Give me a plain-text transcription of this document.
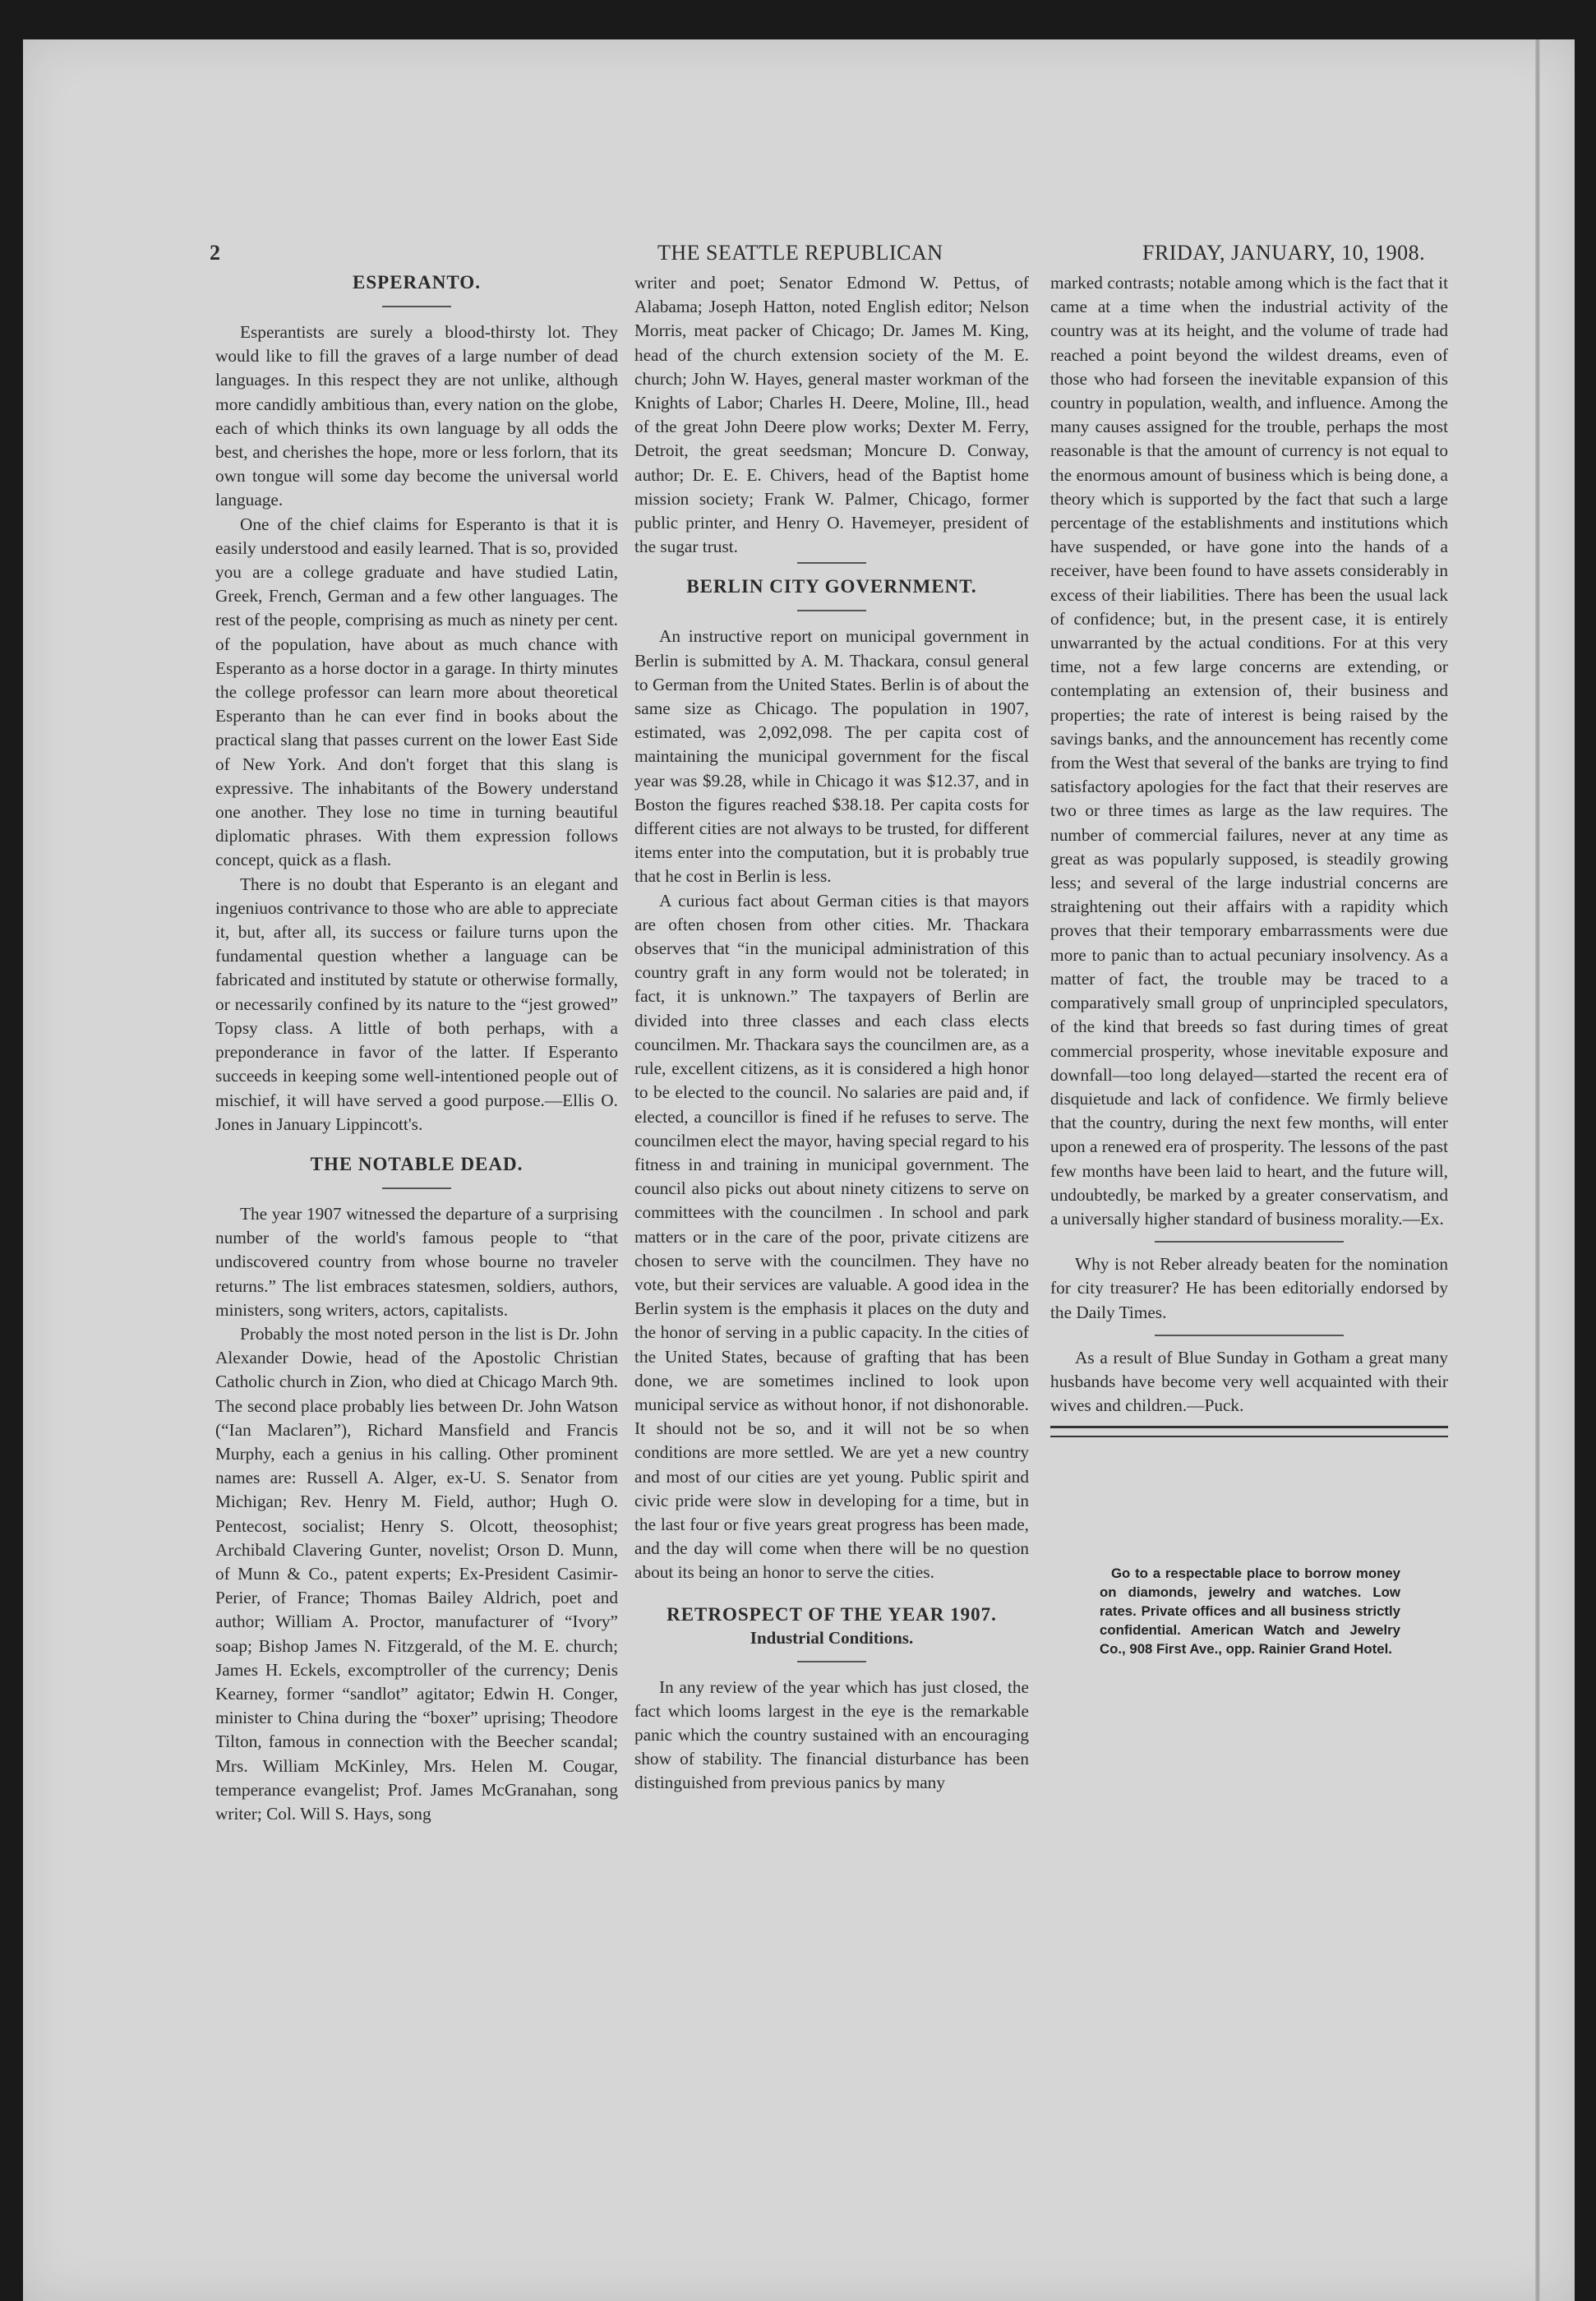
2	THE SEATTLE REPUBLICAN	FRIDAY, JANUARY, 10, 1908.
ESPERANTO.

Esperantists are surely a blood-thirsty lot. They would like to fill the graves of a large number of dead languages. In this respect they are not unlike, although more candidly ambitious than, every nation on the globe, each of which thinks its own language by all odds the best, and cherishes the hope, more or less forlorn, that its own tongue will some day become the universal world language.

One of the chief claims for Esperanto is that it is easily understood and easily learned. That is so, provided you are a college graduate and have studied Latin, Greek, French, German and a few other languages. The rest of the people, comprising as much as ninety per cent. of the population, have about as much chance with Esperanto as a horse doctor in a garage. In thirty minutes the college professor can learn more about theoretical Esperanto than he can ever find in books about the practical slang that passes current on the lower East Side of New York. And don't forget that this slang is expressive. The inhabitants of the Bowery understand one another. They lose no time in turning beautiful diplomatic phrases. With them expression follows concept, quick as a flash.

There is no doubt that Esperanto is an elegant and ingeniuos contrivance to those who are able to appreciate it, but, after all, its success or failure turns upon the fundamental question whether a language can be fabricated and instituted by statute or otherwise formally, or necessarily confined by its nature to the “jest growed” Topsy class. A little of both perhaps, with a preponderance in favor of the latter. If Esperanto succeeds in keeping some well-intentioned people out of mischief, it will have served a good purpose.—Ellis O. Jones in January Lippincott's.

THE NOTABLE DEAD.

The year 1907 witnessed the departure of a surprising number of the world's famous people to “that undiscovered country from whose bourne no traveler returns.” The list embraces statesmen, soldiers, authors, ministers, song writers, actors, capitalists.

Probably the most noted person in the list is Dr. John Alexander Dowie, head of the Apostolic Christian Catholic church in Zion, who died at Chicago March 9th. The second place probably lies between Dr. John Watson (“Ian Maclaren”), Richard Mansfield and Francis Murphy, each a genius in his calling. Other prominent names are: Russell A. Alger, ex-U. S. Senator from Michigan; Rev. Henry M. Field, author; Hugh O. Pentecost, socialist; Henry S. Olcott, theosophist; Archibald Clavering Gunter, novelist; Orson D. Munn, of Munn & Co., patent experts; Ex-President Casimir-Perier, of France; Thomas Bailey Aldrich, poet and author; William A. Proctor, manufacturer of “Ivory” soap; Bishop James N. Fitzgerald, of the M. E. church; James H. Eckels, excomptroller of the currency; Denis Kearney, former “sandlot” agitator; Edwin H. Conger, minister to China during the “boxer” uprising; Theodore Tilton, famous in connection with the Beecher scandal; Mrs. William McKinley, Mrs. Helen M. Cougar, temperance evangelist; Prof. James McGranahan, song writer; Col. Will S. Hays, song

writer and poet; Senator Edmond W. Pettus, of Alabama; Joseph Hatton, noted English editor; Nelson Morris, meat packer of Chicago; Dr. James M. King, head of the church extension society of the M. E. church; John W. Hayes, general master workman of the Knights of Labor; Charles H. Deere, Moline, Ill., head of the great John Deere plow works; Dexter M. Ferry, Detroit, the great seedsman; Moncure D. Conway, author; Dr. E. E. Chivers, head of the Baptist home mission society; Frank W. Palmer, Chicago, former public printer, and Henry O. Havemeyer, president of the sugar trust.

BERLIN CITY GOVERNMENT.

An instructive report on municipal government in Berlin is submitted by A. M. Thackara, consul general to German from the United States. Berlin is of about the same size as Chicago. The population in 1907, estimated, was 2,092,098. The per capita cost of maintaining the municipal government for the fiscal year was $9.28, while in Chicago it was $12.37, and in Boston the figures reached $38.18. Per capita costs for different cities are not always to be trusted, for different items enter into the computation, but it is probably true that he cost in Berlin is less.

A curious fact about German cities is that mayors are often chosen from other cities. Mr. Thackara observes that “in the municipal administration of this country graft in any form would not be tolerated; in fact, it is unknown.” The taxpayers of Berlin are divided into three classes and each class elects councilmen. Mr. Thackara says the councilmen are, as a rule, excellent citizens, as it is considered a high honor to be elected to the council. No salaries are paid and, if elected, a councillor is fined if he refuses to serve. The councilmen elect the mayor, having special regard to his fitness in and training in municipal government. The council also picks out about ninety citizens to serve on committees with the councilmen . In school and park matters or in the care of the poor, private citizens are chosen to serve with the councilmen. They have no vote, but their services are valuable. A good idea in the Berlin system is the emphasis it places on the duty and the honor of serving in a public capacity. In the cities of the United States, because of grafting that has been done, we are sometimes inclined to look upon municipal service as without honor, if not dishonorable. It should not be so, and it will not be so when conditions are more settled. We are yet a new country and most of our cities are yet young. Public spirit and civic pride were slow in developing for a time, but in the last four or five years great progress has been made, and the day will come when there will be no question about its being an honor to serve the cities.

RETROSPECT OF THE YEAR 1907.
Industrial Conditions.

In any review of the year which has just closed, the fact which looms largest in the eye is the remarkable panic which the country sustained with an encouraging show of stability. The financial disturbance has been distinguished from previous panics by many

marked contrasts; notable among which is the fact that it came at a time when the industrial activity of the country was at its height, and the volume of trade had reached a point beyond the wildest dreams, even of those who had forseen the inevitable expansion of this country in population, wealth, and influence. Among the many causes assigned for the trouble, perhaps the most reasonable is that the amount of currency is not equal to the enormous amount of business which is being done, a theory which is supported by the fact that such a large percentage of the establishments and institutions which have suspended, or have gone into the hands of a receiver, have been found to have assets considerably in excess of their liabilities. There has been the usual lack of confidence; but, in the present case, it is entirely unwarranted by the actual conditions. For at this very time, not a few large concerns are extending, or contemplating an extension of, their business and properties; the rate of interest is being raised by the savings banks, and the announcement has recently come from the West that several of the banks are trying to find satisfactory apologies for the fact that their reserves are two or three times as large as the law requires. The number of commercial failures, never at any time as great as was popularly supposed, is steadily growing less; and several of the large industrial concerns are straightening out their affairs with a rapidity which proves that their temporary embarrassments were due more to panic than to actual pecuniary insolvency. As a matter of fact, the trouble may be traced to a comparatively small group of unprincipled speculators, of the kind that breeds so fast during times of great commercial prosperity, whose inevitable exposure and downfall—too long delayed—started the recent era of disquietude and lack of confidence. We firmly believe that the country, during the next few months, will enter upon a renewed era of prosperity. The lessons of the past few months have been laid to heart, and the future will, undoubtedly, be marked by a greater conservatism, and a universally higher standard of business morality.—Ex.

Why is not Reber already beaten for the nomination for city treasurer? He has been editorially endorsed by the Daily Times.

As a result of Blue Sunday in Gotham a great many husbands have become very well acquainted with their wives and children.—Puck.

Go to a respectable place to borrow money on diamonds, jewelry and watches. Low rates. Private offices and all business strictly confidential. American Watch and Jewelry Co., 908 First Ave., opp. Rainier Grand Hotel.
